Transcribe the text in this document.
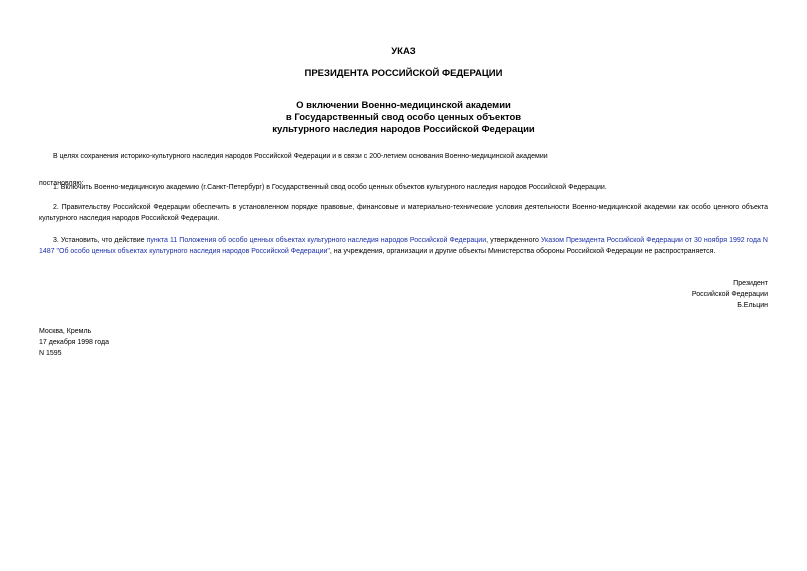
УКАЗ
ПРЕЗИДЕНТА РОССИЙСКОЙ ФЕДЕРАЦИИ
О включении Военно-медицинской академии
в Государственный свод особо ценных объектов
культурного наследия народов Российской Федерации

В целях сохранения историко-культурного наследия народов Российской Федерации и в связи с 200-летием основания Военно-медицинской академии

постановляю:

1. Включить Военно-медицинскую академию (г.Санкт-Петербург) в Государственный свод особо ценных объектов культурного наследия народов Российской Федерации.

2. Правительству Российской Федерации обеспечить в установленном порядке правовые, финансовые и материально-технические условия деятельности Военно-медицинской академии как особо ценного объекта культурного наследия народов Российской Федерации.

3. Установить, что действие пункта 11 Положения об особо ценных объектах культурного наследия народов Российской Федерации, утвержденного Указом Президента Российской Федерации от 30 ноября 1992 года N 1487 "Об особо ценных объектах культурного наследия народов Российской Федерации", на учреждения, организации и другие объекты Министерства обороны Российской Федерации не распространяется.

Президент
Российской Федерации
Б.Ельцин
Москва, Кремль
17 декабря 1998 года
N 1595
